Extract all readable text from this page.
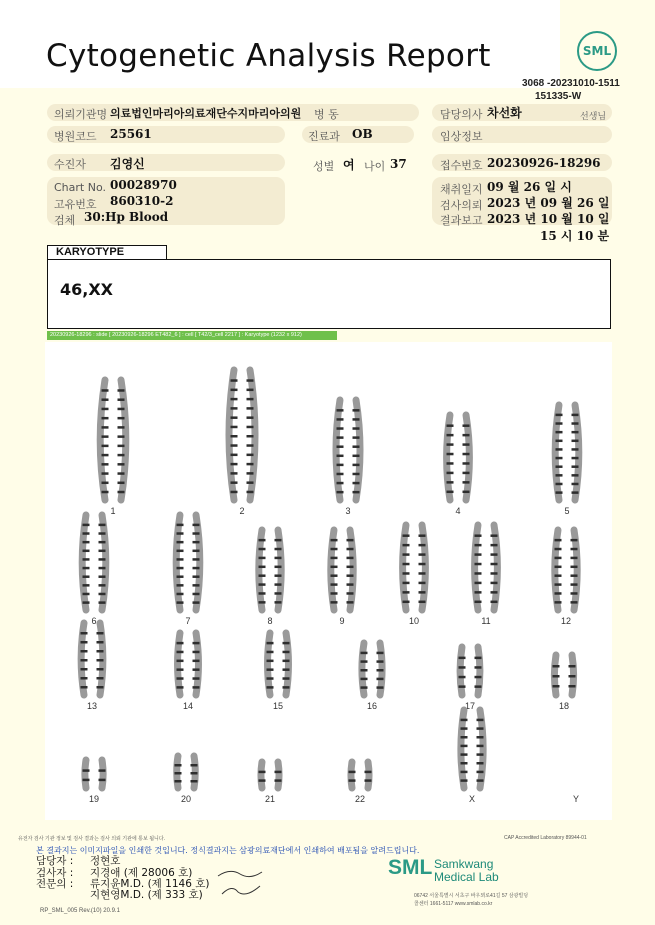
Cytogenetic Analysis Report	SML
3068 -20231010-1511
151335-W
의뢰기관명 의료법인마리아의료재단수지마리아의원 병 동	담당의사 차선화	선생님
병원코드 25561	진료과 OB	임상정보
수진자 김영신	성별 여 나이 37	접수번호 20230926-18296
Chart No. 00028970
고유번호 860310-2
검체 30:Hp Blood
채취일지 09 월 26 일 시
검사의뢰 2023 년 09 월 26 일
결과보고 2023 년 10 월 10 일
15 시 10 분
KARYOTYPE
46,XX
20230926-18296 : slide [ 20230926-18296 ET482_6 ] : cell [ T42/3_cell 2217 ] : Karyotype (1232 x 912)
1	2	3	4	5
6	7	8	9	10	11	12
13	14	15	16	17	18
19	20	21	22	X	Y
유전자 검사 기관 정보 및 검사 결과는 검사 의뢰 기관에 통보 됩니다.	CAP Accredited Laboratory 89944-01
본 결과지는 이미지파일을 인쇄한 것입니다. 정식결과지는 삼광의료재단에서 인쇄하여 배포됨을 알려드립니다.
담당자 : 정현호
검사자 : 지경애 (제 28006 호)
전문의 : 류지윤M.D. (제 1146 호)
지현영M.D. (제 333 호)
SML Samkwang
Medical Lab
06742 서울특별시 서초구 바우뫼로41길 57 삼광빌딩
콜센터 1661-5117 www.smlab.co.kr
RP_SML_005 Rev.(10) 20.9.1
